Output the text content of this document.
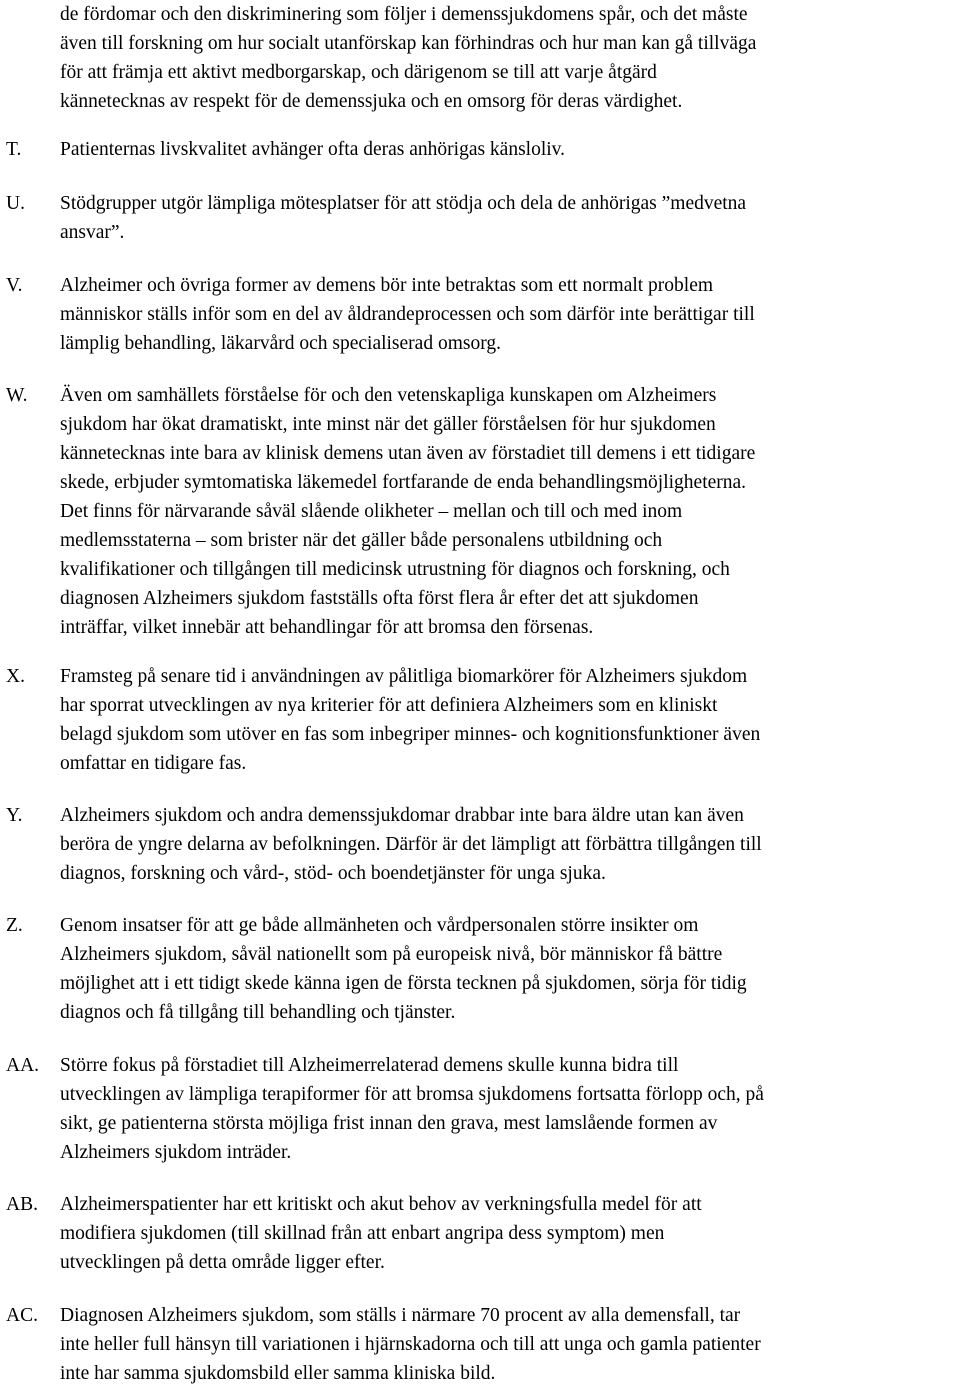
de fördomar och den diskriminering som följer i demenssjukdomens spår, och det måste
även till forskning om hur socialt utanförskap kan förhindras och hur man kan gå tillväga
för att främja ett aktivt medborgarskap, och därigenom se till att varje åtgärd
kännetecknas av respekt för de demenssjuka och en omsorg för deras värdighet.
T.	Patienternas livskvalitet avhänger ofta deras anhörigas känsloliv.
U.	Stödgrupper utgör lämpliga mötesplatser för att stödja och dela de anhörigas ”medvetna
ansvar”.
V.	Alzheimer och övriga former av demens bör inte betraktas som ett normalt problem
människor ställs inför som en del av åldrandeprocessen och som därför inte berättigar till
lämplig behandling, läkarvård och specialiserad omsorg.
W.	Även om samhällets förståelse för och den vetenskapliga kunskapen om Alzheimers
sjukdom har ökat dramatiskt, inte minst när det gäller förståelsen för hur sjukdomen
kännetecknas inte bara av klinisk demens utan även av förstadiet till demens i ett tidigare
skede, erbjuder symtomatiska läkemedel fortfarande de enda behandlingsmöjligheterna.
Det finns för närvarande såväl slående olikheter – mellan och till och med inom
medlemsstaterna – som brister när det gäller både personalens utbildning och
kvalifikationer och tillgången till medicinsk utrustning för diagnos och forskning, och
diagnosen Alzheimers sjukdom fastställs ofta först flera år efter det att sjukdomen
inträffar, vilket innebär att behandlingar för att bromsa den försenas.
X.	Framsteg på senare tid i användningen av pålitliga biomarkörer för Alzheimers sjukdom
har sporrat utvecklingen av nya kriterier för att definiera Alzheimers som en kliniskt
belagd sjukdom som utöver en fas som inbegriper minnes- och kognitionsfunktioner även
omfattar en tidigare fas.
Y.	Alzheimers sjukdom och andra demenssjukdomar drabbar inte bara äldre utan kan även
beröra de yngre delarna av befolkningen. Därför är det lämpligt att förbättra tillgången till
diagnos, forskning och vård-, stöd- och boendetjänster för unga sjuka.
Z.	Genom insatser för att ge både allmänheten och vårdpersonalen större insikter om
Alzheimers sjukdom, såväl nationellt som på europeisk nivå, bör människor få bättre
möjlighet att i ett tidigt skede känna igen de första tecknen på sjukdomen, sörja för tidig
diagnos och få tillgång till behandling och tjänster.
AA.	Större fokus på förstadiet till Alzheimerrelaterad demens skulle kunna bidra till
utvecklingen av lämpliga terapiformer för att bromsa sjukdomens fortsatta förlopp och, på
sikt, ge patienterna största möjliga frist innan den grava, mest lamslående formen av
Alzheimers sjukdom inträder.
AB.	Alzheimerspatienter har ett kritiskt och akut behov av verkningsfulla medel för att
modifiera sjukdomen (till skillnad från att enbart angripa dess symptom) men
utvecklingen på detta område ligger efter.
AC.	Diagnosen Alzheimers sjukdom, som ställs i närmare 70 procent av alla demensfall, tar
inte heller full hänsyn till variationen i hjärnskadorna och till att unga och gamla patienter
inte har samma sjukdomsbild eller samma kliniska bild.
